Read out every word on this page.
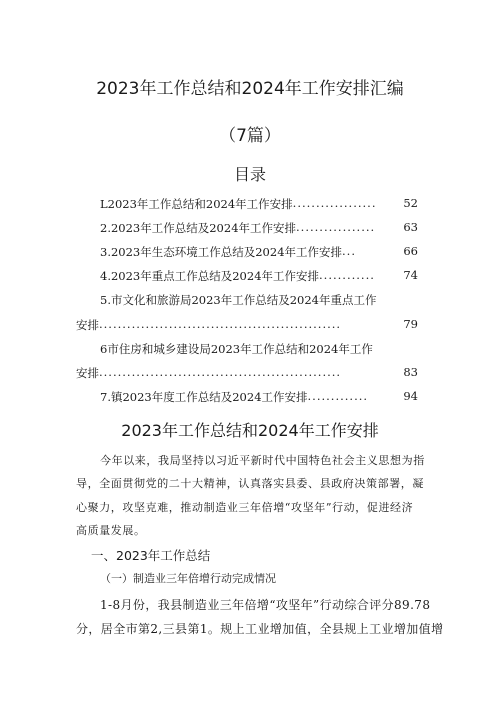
2023年工作总结和2024年工作安排汇编
（7篇）
目录
L2023年工作总结和2024年工作安排 ..................	52
2.2023年工作总结及2024年工作安排 .................	63
3.2023年生态环境工作总结及2024年工作安排 ...	66
4.2023年重点工作总结及2024年工作安排 ............	74
5.市文化和旅游局2023年工作总结及2024年重点工作
安排 ....................................................	79
6市住房和城乡建设局2023年工作总结和2024年工作
安排 ....................................................	83
7.镇2023年度工作总结及2024工作安排 .............	94
2023年工作总结和2024年工作安排
今年以来，我局坚持以习近平新时代中国特色社会主义思想为指
导，全面贯彻党的二十大精神，认真落实县委、县政府决策部署，凝
心聚力，攻坚克难，推动制造业三年倍增“攻坚年”行动，促进经济
高质量发展。
一、2023年工作总结
（一）制造业三年倍增行动完成情况
1-8月份，我县制造业三年倍增“攻坚年”行动综合评分89.78
分，居全市第2,三县第1。规上工业增加值，全县规上工业增加值增
